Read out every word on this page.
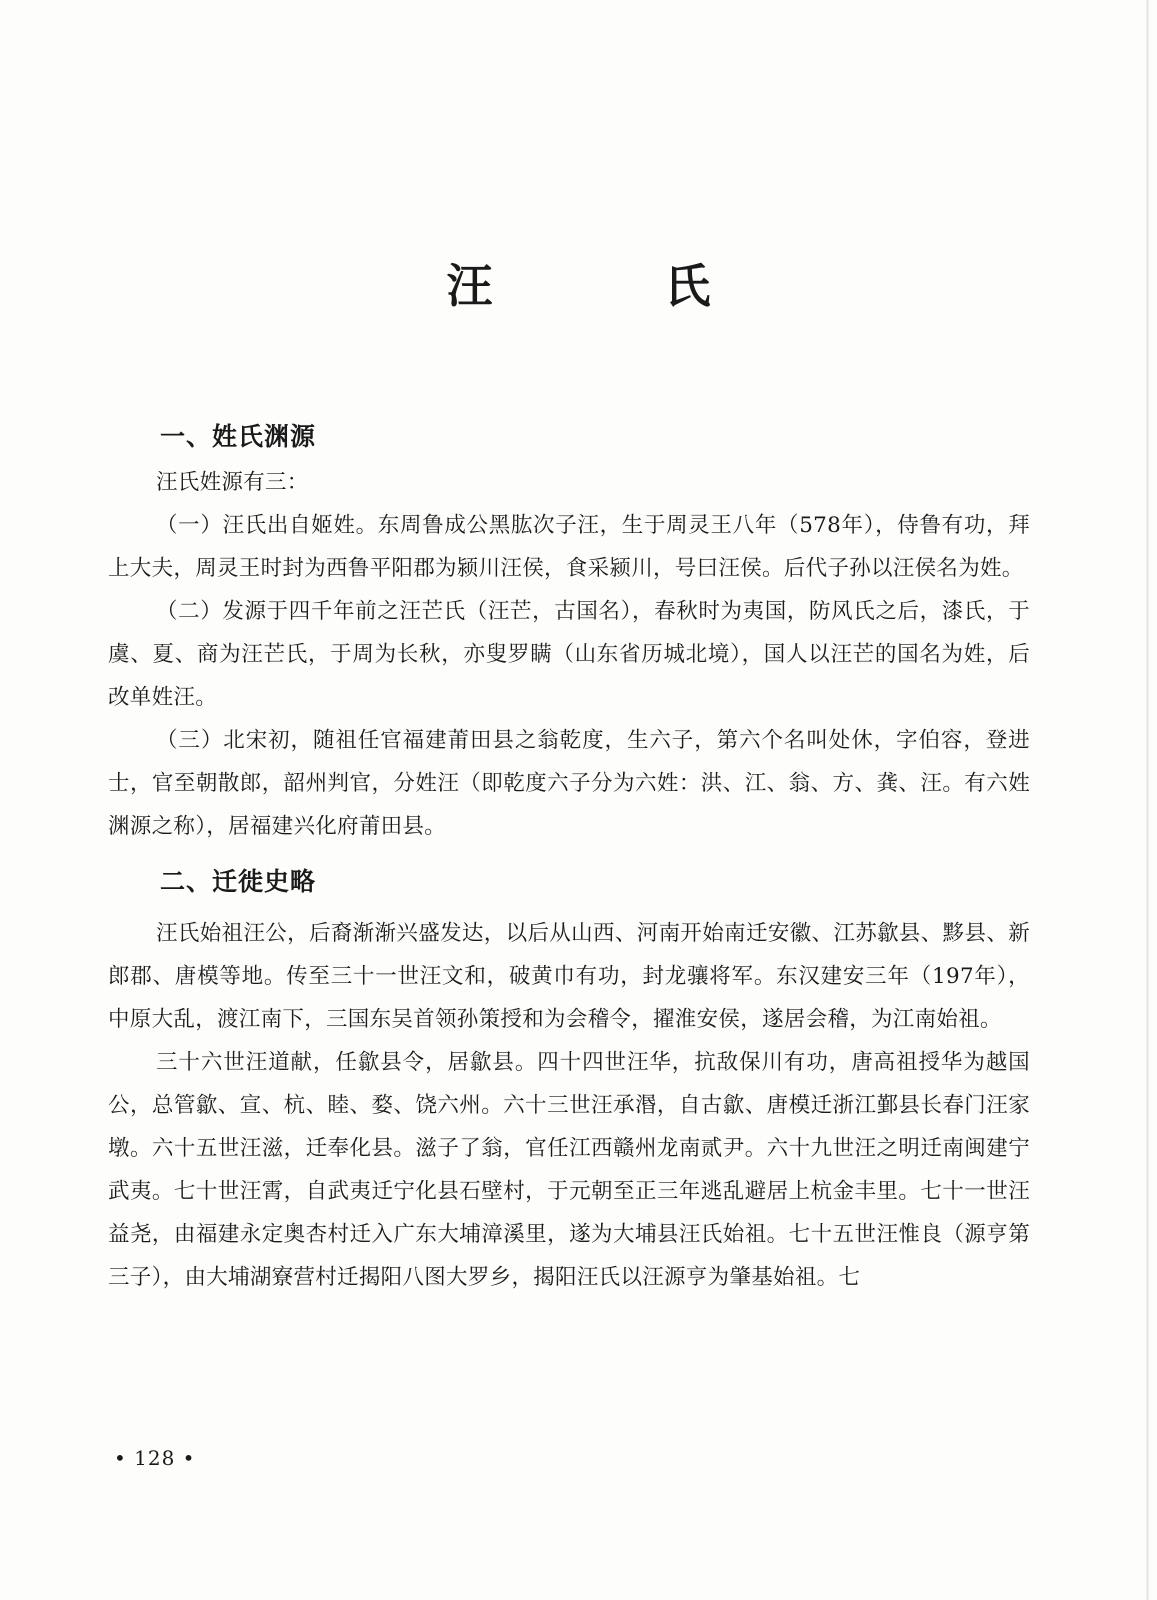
汪 氏
一、姓氏渊源

汪氏姓源有三：

（一）汪氏出自姬姓。东周鲁成公黑肱次子汪，生于周灵王八年（578年），侍鲁有功，拜上大夫，周灵王时封为西鲁平阳郡为颍川汪侯，食采颍川，号曰汪侯。后代子孙以汪侯名为姓。

（二）发源于四千年前之汪芒氏（汪芒，古国名），春秋时为夷国，防风氏之后，漆氏，于虞、夏、商为汪芒氏，于周为长秋，亦叟罗瞒（山东省历城北境），国人以汪芒的国名为姓，后改单姓汪。

（三）北宋初，随祖任官福建莆田县之翁乾度，生六子，第六个名叫处休，字伯容，登进士，官至朝散郎，韶州判官，分姓汪（即乾度六子分为六姓：洪、江、翁、方、龚、汪。有六姓渊源之称），居福建兴化府莆田县。

二、迁徙史略

汪氏始祖汪公，后裔渐渐兴盛发达，以后从山西、河南开始南迁安徽、江苏歙县、黟县、新郎郡、唐模等地。传至三十一世汪文和，破黄巾有功，封龙骧将军。东汉建安三年（197年），中原大乱，渡江南下，三国东吴首领孙策授和为会稽令，擢淮安侯，遂居会稽，为江南始祖。

三十六世汪道献，任歙县令，居歙县。四十四世汪华，抗敌保川有功，唐高祖授华为越国公，总管歙、宣、杭、睦、婺、饶六州。六十三世汪承湣，自古歙、唐模迁浙江鄞县长春门汪家墩。六十五世汪滋，迁奉化县。滋子了翁，官任江西赣州龙南贰尹。六十九世汪之明迁南闽建宁武夷。七十世汪霄，自武夷迁宁化县石壁村，于元朝至正三年逃乱避居上杭金丰里。七十一世汪益尧，由福建永定奥杏村迁入广东大埔漳溪里，遂为大埔县汪氏始祖。七十五世汪惟良（源亨第三子），由大埔湖寮营村迁揭阳八图大罗乡，揭阳汪氏以汪源亨为肇基始祖。七

• 128 •
